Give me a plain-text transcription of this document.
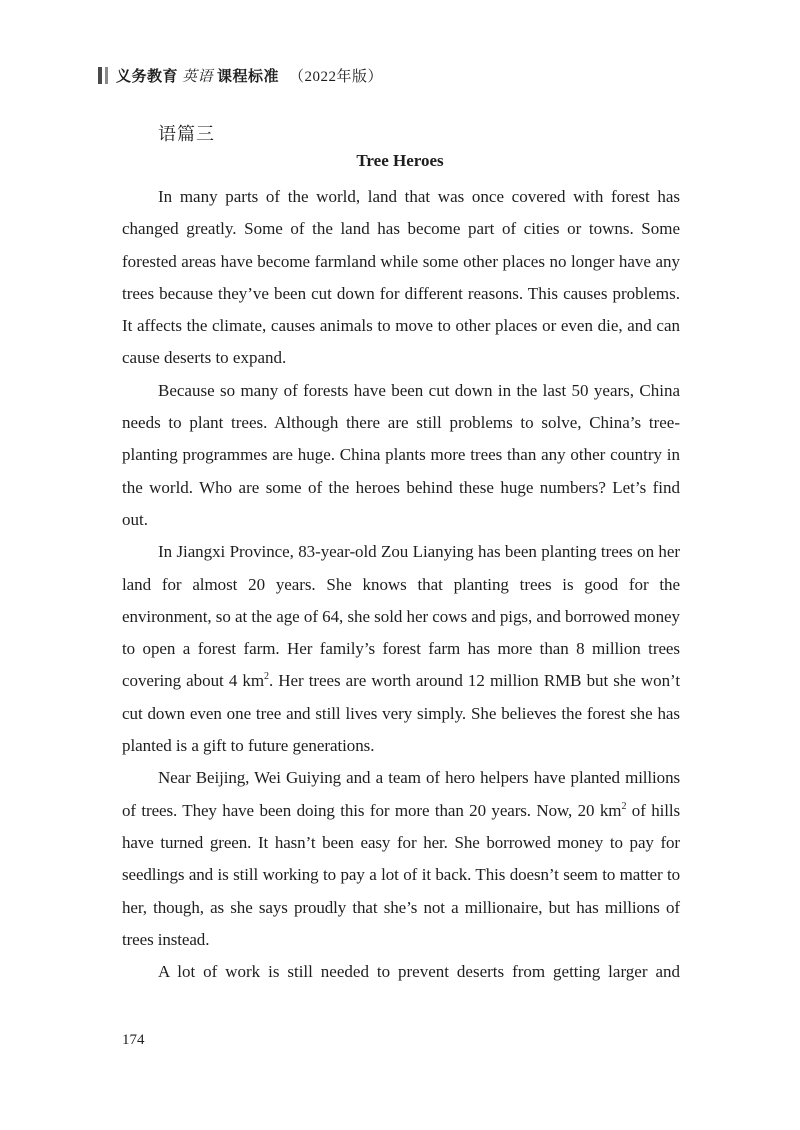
义务教育 英语 课程标准 （2022年版）
语篇三
Tree Heroes

In many parts of the world, land that was once covered with forest has changed greatly. Some of the land has become part of cities or towns. Some forested areas have become farmland while some other places no longer have any trees because they’ve been cut down for different reasons. This causes problems. It affects the climate, causes animals to move to other places or even die, and can cause deserts to expand.

Because so many of forests have been cut down in the last 50 years, China needs to plant trees. Although there are still problems to solve, China’s tree-planting programmes are huge. China plants more trees than any other country in the world. Who are some of the heroes behind these huge numbers? Let’s find out.

In Jiangxi Province, 83-year-old Zou Lianying has been planting trees on her land for almost 20 years. She knows that planting trees is good for the environment, so at the age of 64, she sold her cows and pigs, and borrowed money to open a forest farm. Her family’s forest farm has more than 8 million trees covering about 4 $km^2$. Her trees are worth around 12 million RMB but she won’t cut down even one tree and still lives very simply. She believes the forest she has planted is a gift to future generations.

Near Beijing, Wei Guiying and a team of hero helpers have planted millions of trees. They have been doing this for more than 20 years. Now, 20 $km^2$ of hills have turned green. It hasn’t been easy for her. She borrowed money to pay for seedlings and is still working to pay a lot of it back. This doesn’t seem to matter to her, though, as she says proudly that she’s not a millionaire, but has millions of trees instead.

A lot of work is still needed to prevent deserts from getting larger and

174
